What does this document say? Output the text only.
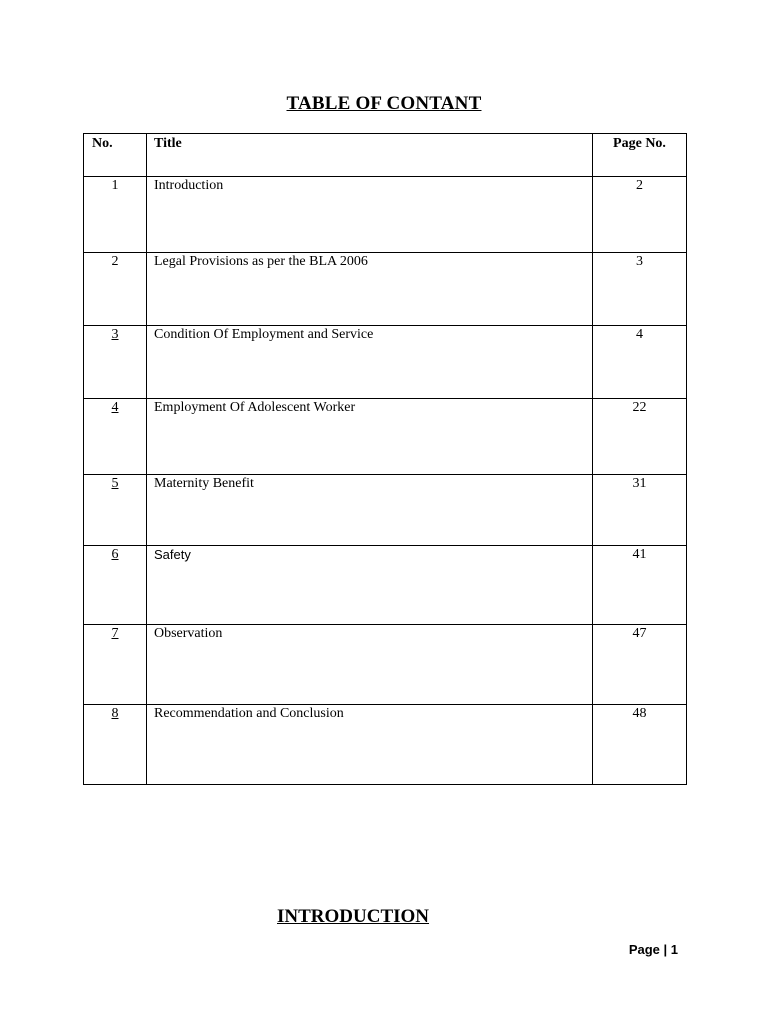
TABLE OF CONTANT
No.	Title	Page No.
1	Introduction	2
2	Legal Provisions as per the BLA 2006	3
3	Condition Of Employment and Service	4
4	Employment Of Adolescent Worker	22
5	Maternity Benefit	31
6	Safety	41
7	Observation	47
8	Recommendation and Conclusion	48
INTRODUCTION
Page | 1
